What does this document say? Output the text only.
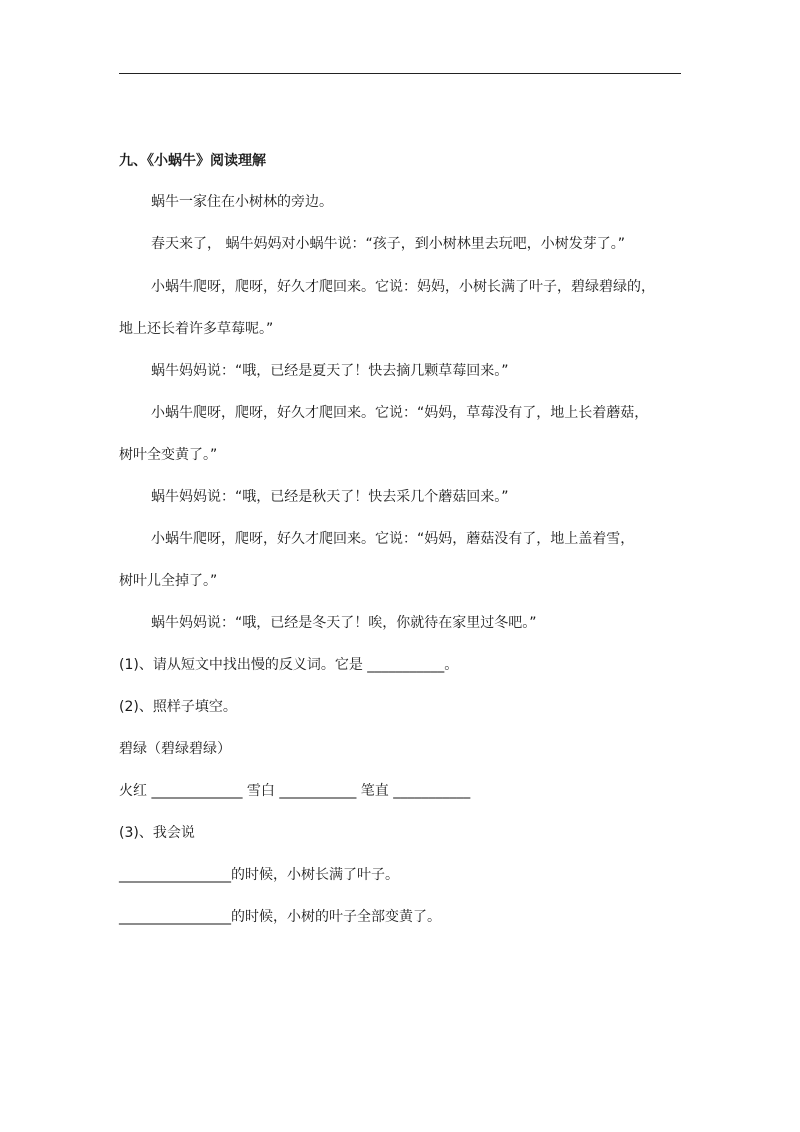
九、《小蜗牛》阅读理解
蜗牛一家住在小树林的旁边。
春天来了， 蜗牛妈妈对小蜗牛说：“孩子，到小树林里去玩吧，小树发芽了。”
小蜗牛爬呀，爬呀，好久才爬回来。它说：妈妈，小树长满了叶子，碧绿碧绿的，
地上还长着许多草莓呢。”
蜗牛妈妈说：“哦，已经是夏天了！快去摘几颗草莓回来。”
小蜗牛爬呀，爬呀，好久才爬回来。它说：“妈妈，草莓没有了，地上长着蘑菇，
树叶全变黄了。”
蜗牛妈妈说：“哦，已经是秋天了！快去采几个蘑菇回来。”
小蜗牛爬呀，爬呀，好久才爬回来。它说：“妈妈，蘑菇没有了，地上盖着雪，
树叶儿全掉了。”
蜗牛妈妈说：“哦，已经是冬天了！唉，你就待在家里过冬吧。”
(1)、请从短文中找出慢的反义词。它是 ___________。
(2)、照样子填空。
碧绿（碧绿碧绿）
火红 _____________ 雪白 ___________ 笔直 ___________
(3)、我会说
________________的时候，小树长满了叶子。
________________的时候，小树的叶子全部变黄了。
